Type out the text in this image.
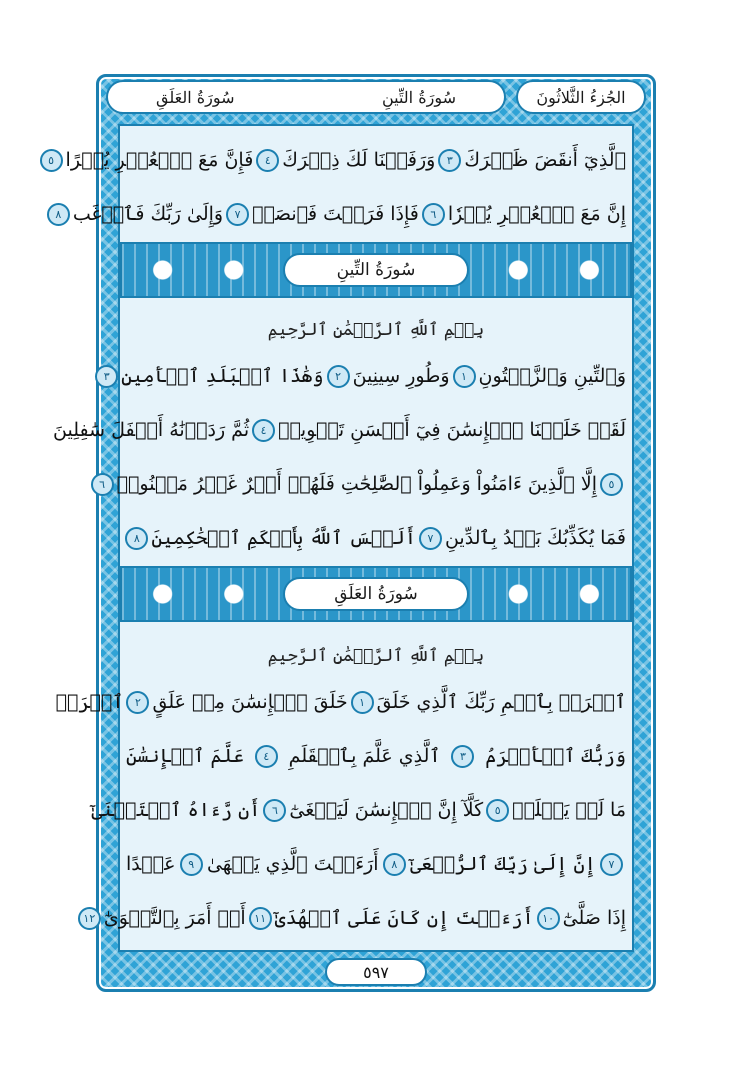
الجُزءُ الثَّلاثُونَ
سُورَةُ التِّينِ
سُورَةُ العَلَقِ
ٱلَّذِيٓ أَنقَضَ ظَهۡرَكَ
٣
وَرَفَعۡنَا لَكَ ذِكۡرَكَ
٤
فَإِنَّ مَعَ ٱلۡعُسۡرِ يُسۡرًا
٥
إِنَّ مَعَ ٱلۡعُسۡرِ يُسۡرٗا
٦
فَإِذَا فَرَغۡتَ فَٱنصَبۡ
٧
وَإِلَىٰ رَبِّكَ فَٱرۡغَب
٨
سُورَةُ التِّينِ
بِسۡمِ ٱللَّهِ ٱلرَّحۡمَٰنِ ٱلرَّحِيمِ
وَٱلتِّينِ وَٱلزَّيۡتُونِ
١
وَطُورِ سِينِينَ
٢
وَهَٰذَا ٱلۡبَلَدِ ٱلۡأَمِينِ
٣
لَقَدۡ خَلَقۡنَا ٱلۡإِنسَٰنَ فِيٓ أَحۡسَنِ تَقۡوِيمٖ
٤
ثُمَّ رَدَدۡنَٰهُ أَسۡفَلَ سَٰفِلِينَ
٥
إِلَّا ٱلَّذِينَ ءَامَنُواْ وَعَمِلُواْ ٱلصَّٰلِحَٰتِ فَلَهُمۡ أَجۡرٌ غَيۡرُ مَمۡنُونٖ
٦
فَمَا يُكَذِّبُكَ بَعۡدُ بِٱلدِّينِ
٧
أَلَيۡسَ ٱللَّهُ بِأَحۡكَمِ ٱلۡحَٰكِمِينَ
٨
سُورَةُ العَلَقِ
بِسۡمِ ٱللَّهِ ٱلرَّحۡمَٰنِ ٱلرَّحِيمِ
ٱقۡرَأۡ بِٱسۡمِ رَبِّكَ ٱلَّذِي خَلَقَ
١
خَلَقَ ٱلۡإِنسَٰنَ مِنۡ عَلَقٍ
٢
ٱقۡرَأۡ
وَرَبُّكَ ٱلۡأَكۡرَمُ
٣
ٱلَّذِي عَلَّمَ بِٱلۡقَلَمِ
٤
عَلَّمَ ٱلۡإِنسَٰنَ
مَا لَمۡ يَعۡلَمۡ
٥
كَلَّآ إِنَّ ٱلۡإِنسَٰنَ لَيَطۡغَىٰٓ
٦
أَن رَّءَاهُ ٱسۡتَغۡنَىٰٓ
٧
إِنَّ إِلَىٰ رَبِّكَ ٱلرُّجۡعَىٰٓ
٨
أَرَءَيۡتَ ٱلَّذِي يَنۡهَىٰ
٩
عَبۡدًا
إِذَا صَلَّىٰٓ
١٠
أَرَءَيۡتَ إِن كَانَ عَلَى ٱلۡهُدَىٰٓ
١١
أَوۡ أَمَرَ بِٱلتَّقۡوَىٰٓ
١٢
٥٩٧
